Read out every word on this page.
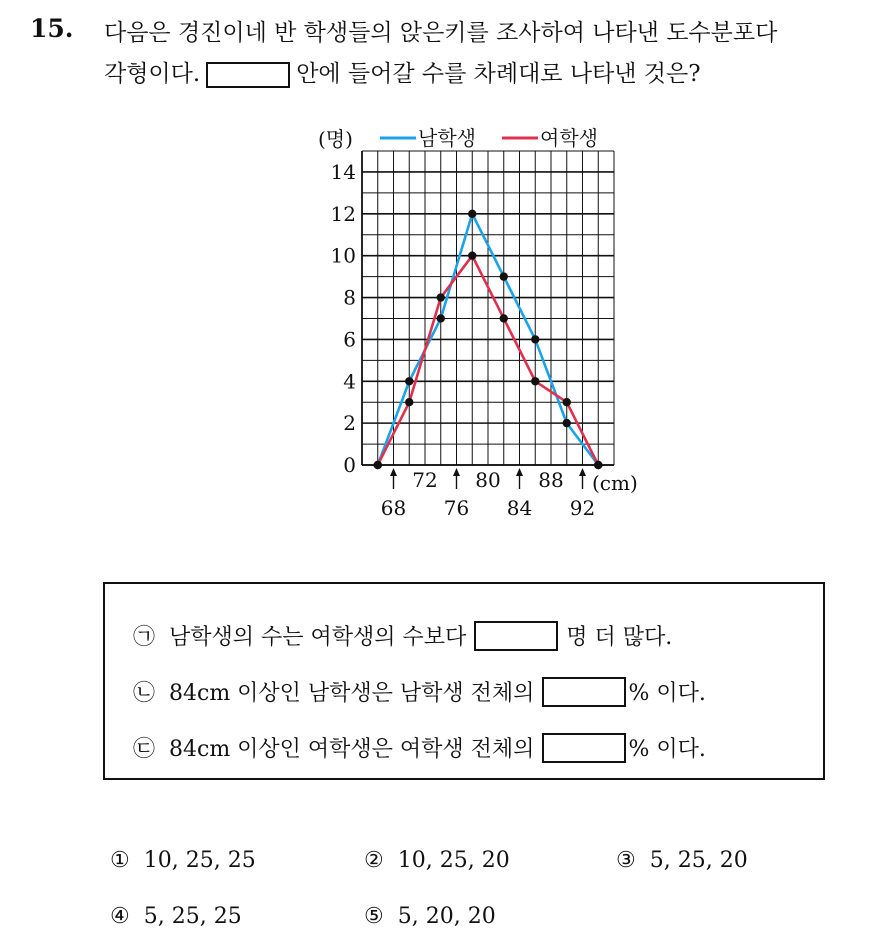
15. 다음은 경진이네 반 학생들의 앉은키를 조사하여 나타낸 도수분포다
각형이다.	안에 들어갈 수를 차례대로 나타낸 것은?
0
2
4
6
8
10
12
14
(명)
72 80 88
68 76 84 92
(cm)
남학생	여학생
㉠ 남학생의 수는 여학생의 수보다	명 더 많다.
㉡ 84cm 이상인 남학생은 남학생 전체의	% 이다.
㉢ 84cm 이상인 여학생은 여학생 전체의	% 이다.
① 10, 25, 25	② 10, 25, 20	③ 5, 25, 20
④ 5, 25, 25	⑤ 5, 20, 20
